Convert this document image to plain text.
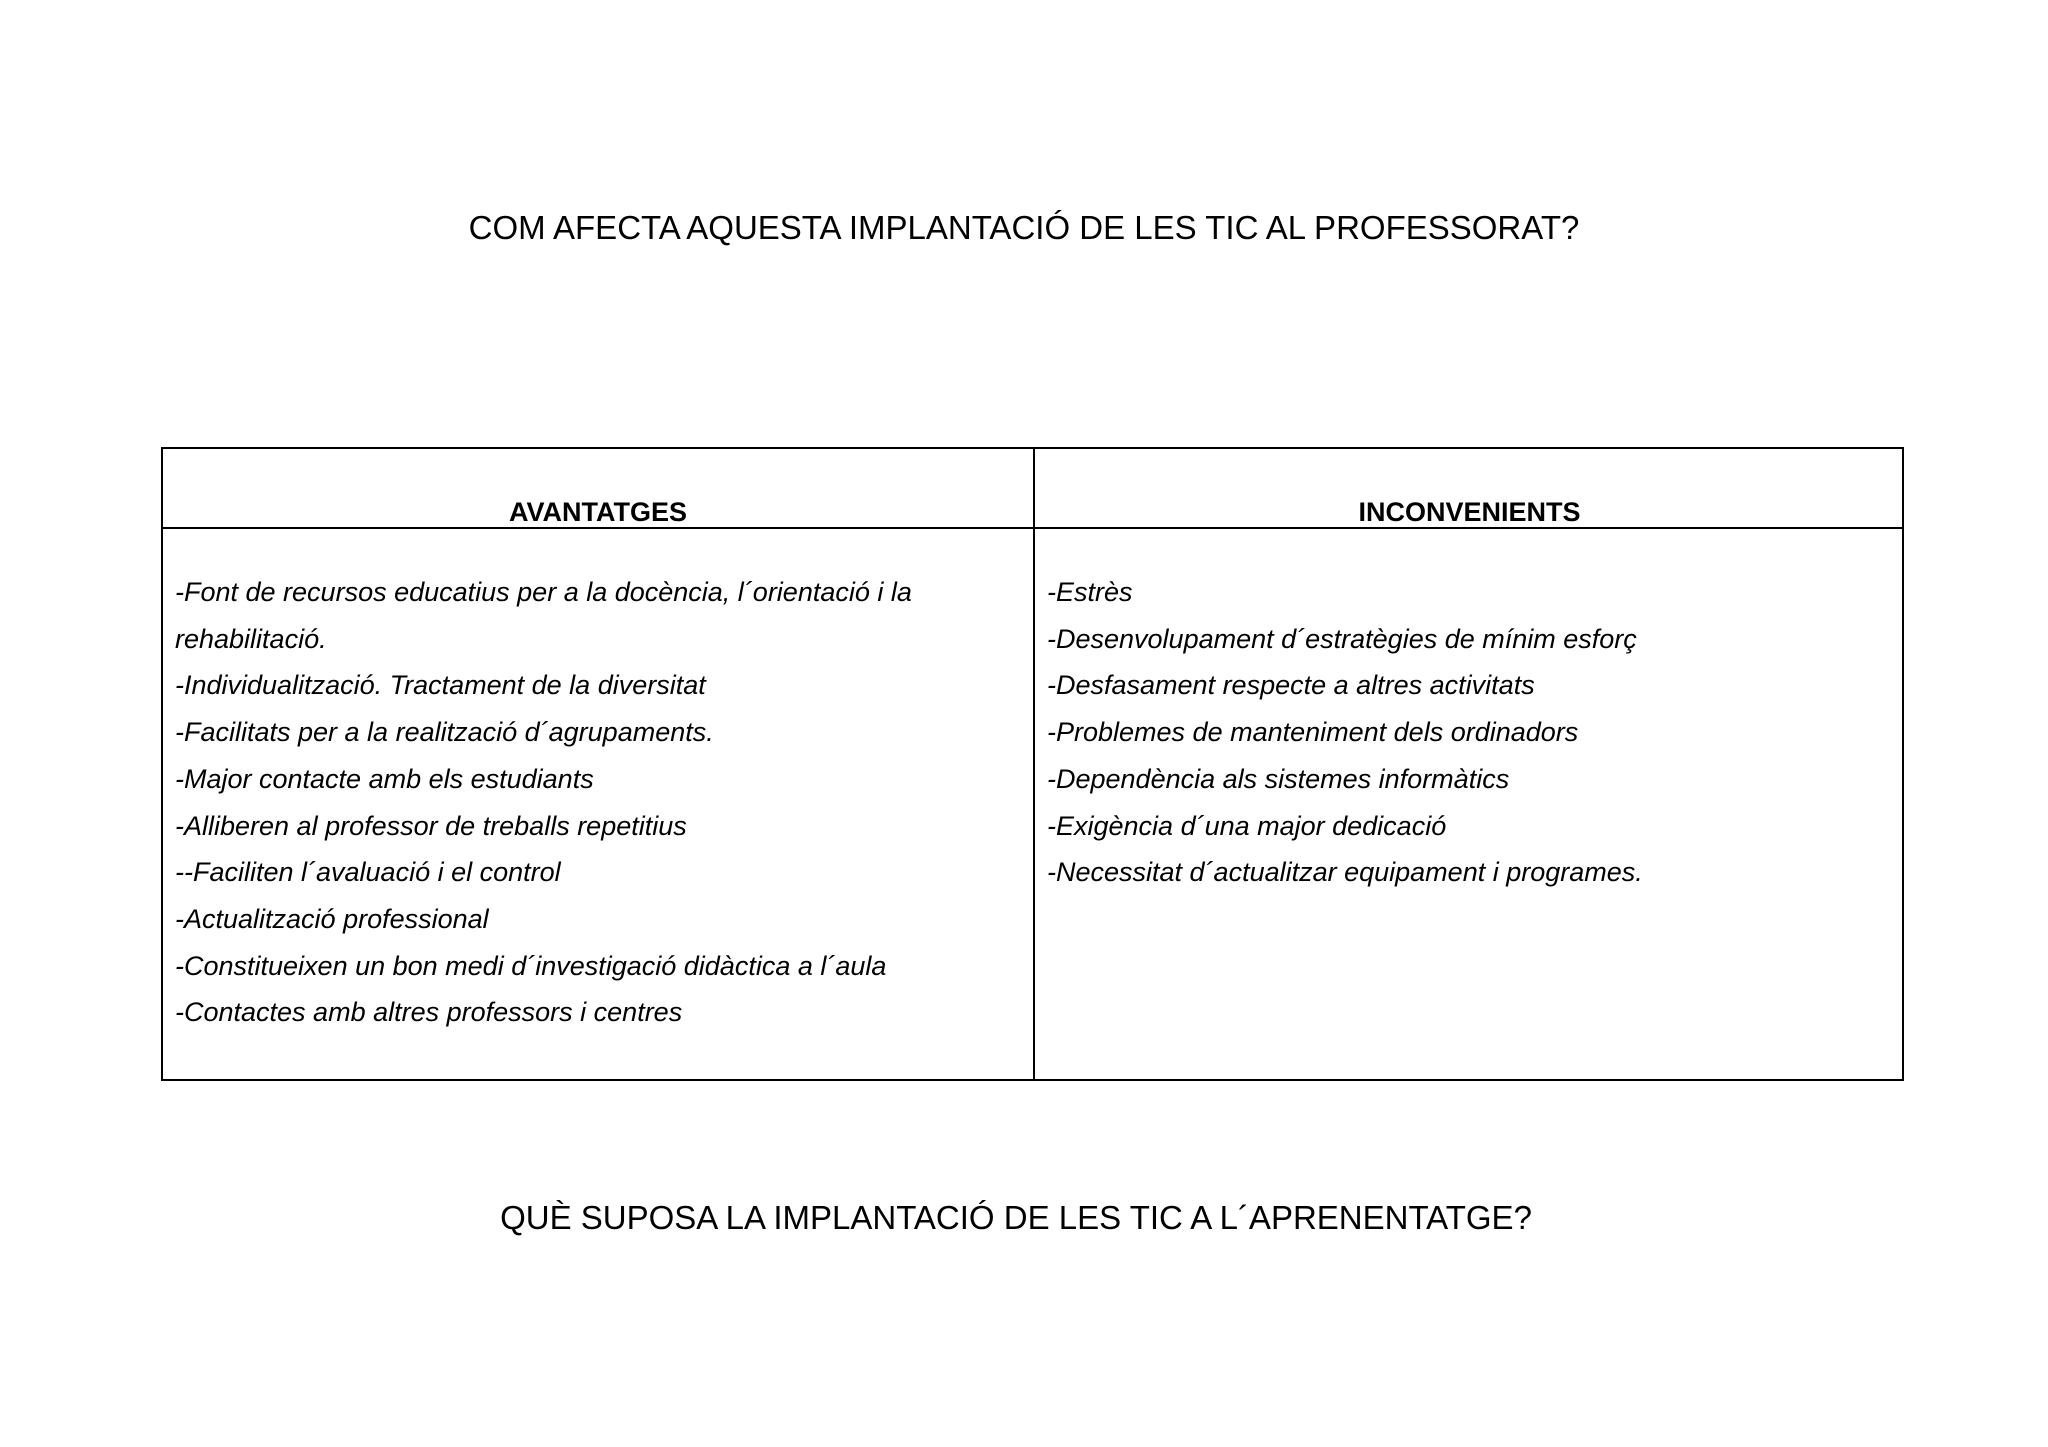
COM AFECTA AQUESTA IMPLANTACIÓ DE LES TIC AL PROFESSORAT?
AVANTATGES	INCONVENIENTS
-Font de recursos educatius per a la docència, l´orientació i la
rehabilitació.
-Individualització. Tractament de la diversitat
-Facilitats per a la realització d´agrupaments.
-Major contacte amb els estudiants
-Alliberen al professor de treballs repetitius
--Faciliten l´avaluació i el control
-Actualització professional
-Constitueixen un bon medi d´investigació didàctica a l´aula
-Contactes amb altres professors i centres
-Estrès
-Desenvolupament d´estratègies de mínim esforç
-Desfasament respecte a altres activitats
-Problemes de manteniment dels ordinadors
-Dependència als sistemes informàtics
-Exigència d´una major dedicació
-Necessitat d´actualitzar equipament i programes.
QUÈ SUPOSA LA IMPLANTACIÓ DE LES TIC A L´APRENENTATGE?
